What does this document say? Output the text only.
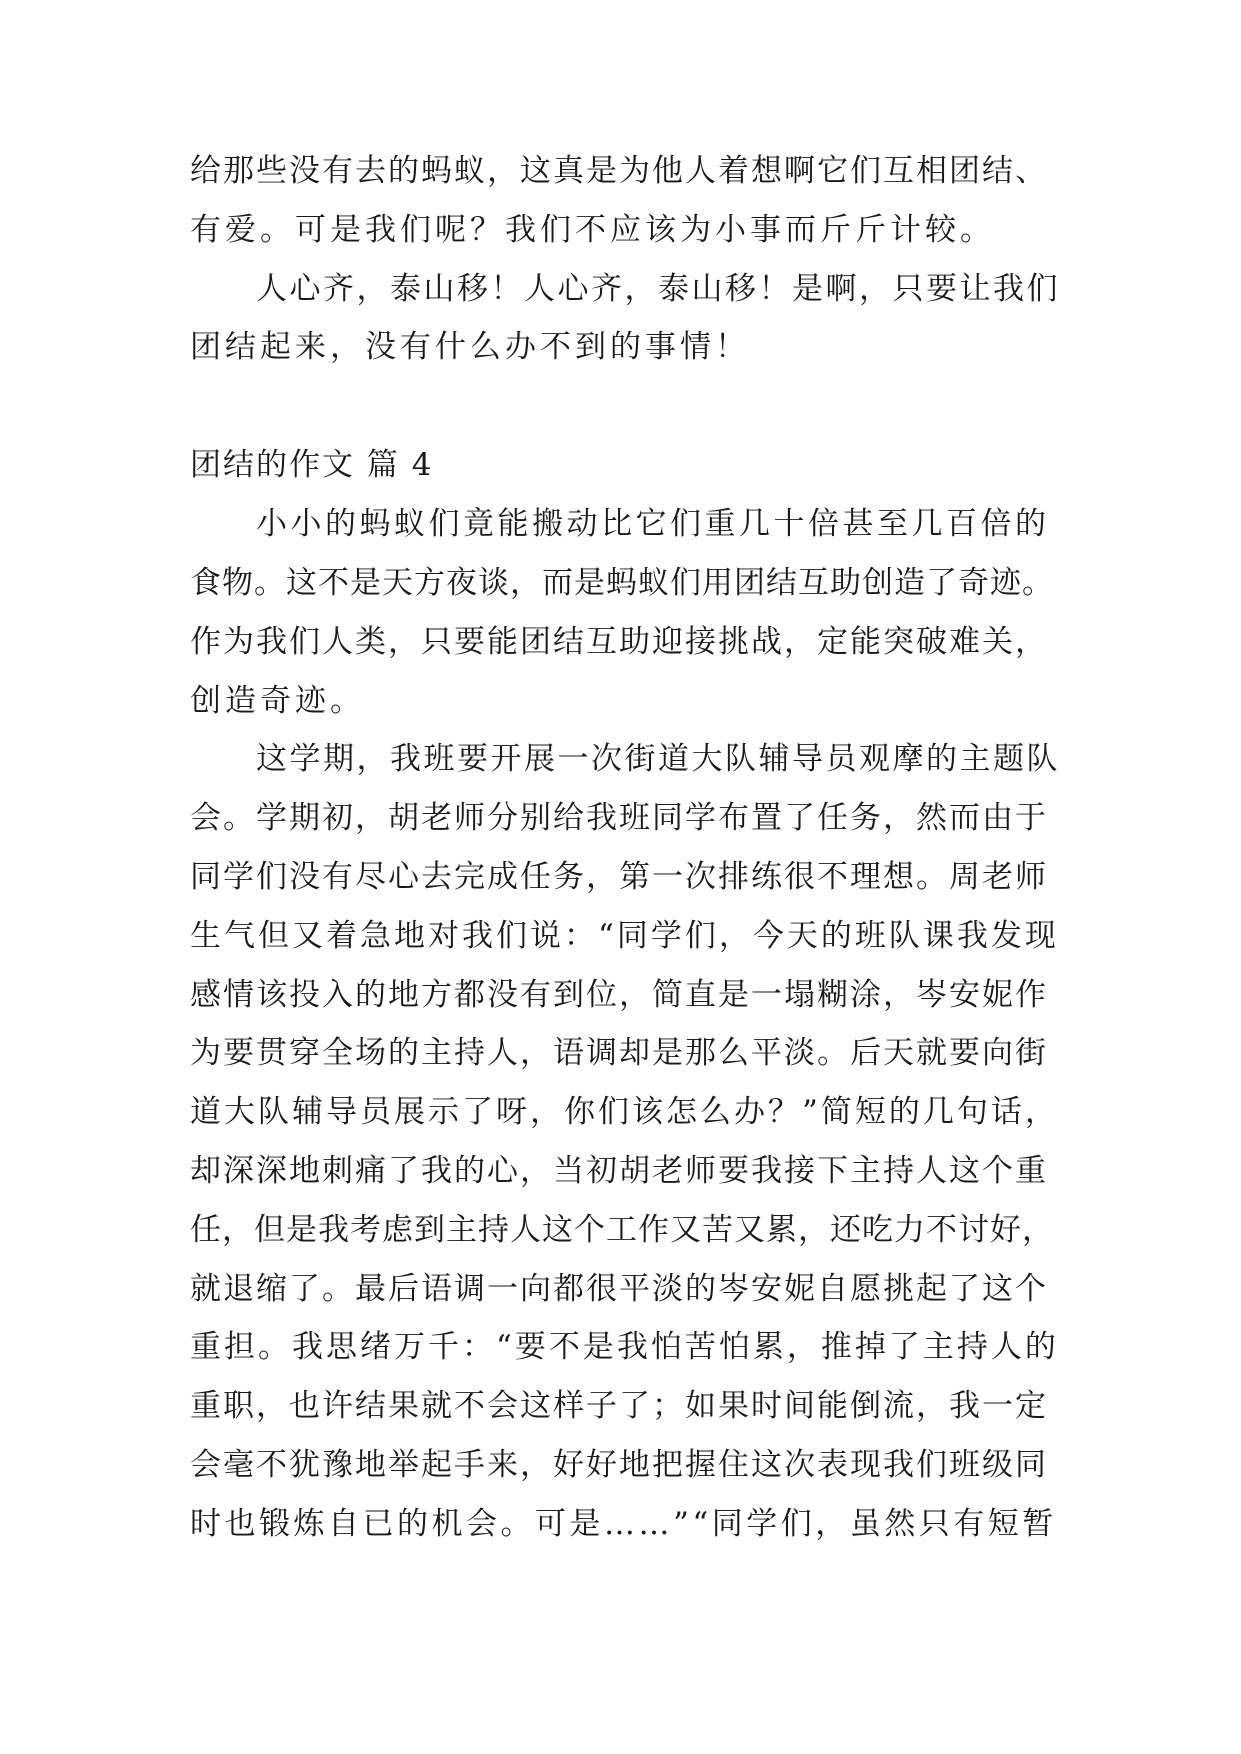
给那些没有去的蚂蚁，这真是为他人着想啊它们互相团结、
有爱。可是我们呢？我们不应该为小事而斤斤计较。
人心齐，泰山移！人心齐，泰山移！是啊，只要让我们
团结起来，没有什么办不到的事情！
团结的作文 篇 4
小小的蚂蚁们竟能搬动比它们重几十倍甚至几百倍的
食物。这不是天方夜谈，而是蚂蚁们用团结互助创造了奇迹。
作为我们人类，只要能团结互助迎接挑战，定能突破难关，
创造奇迹。
这学期，我班要开展一次街道大队辅导员观摩的主题队
会。学期初，胡老师分别给我班同学布置了任务，然而由于
同学们没有尽心去完成任务，第一次排练很不理想。周老师
生气但又着急地对我们说：“同学们，今天的班队课我发现
感情该投入的地方都没有到位，简直是一塌糊涂，岑安妮作
为要贯穿全场的主持人，语调却是那么平淡。后天就要向街
道大队辅导员展示了呀，你们该怎么办？”简短的几句话，
却深深地刺痛了我的心，当初胡老师要我接下主持人这个重
任，但是我考虑到主持人这个工作又苦又累，还吃力不讨好，
就退缩了。最后语调一向都很平淡的岑安妮自愿挑起了这个
重担。我思绪万千：“要不是我怕苦怕累，推掉了主持人的
重职，也许结果就不会这样子了；如果时间能倒流，我一定
会毫不犹豫地举起手来，好好地把握住这次表现我们班级同
时也锻炼自已的机会。可是……”“同学们，虽然只有短暂
